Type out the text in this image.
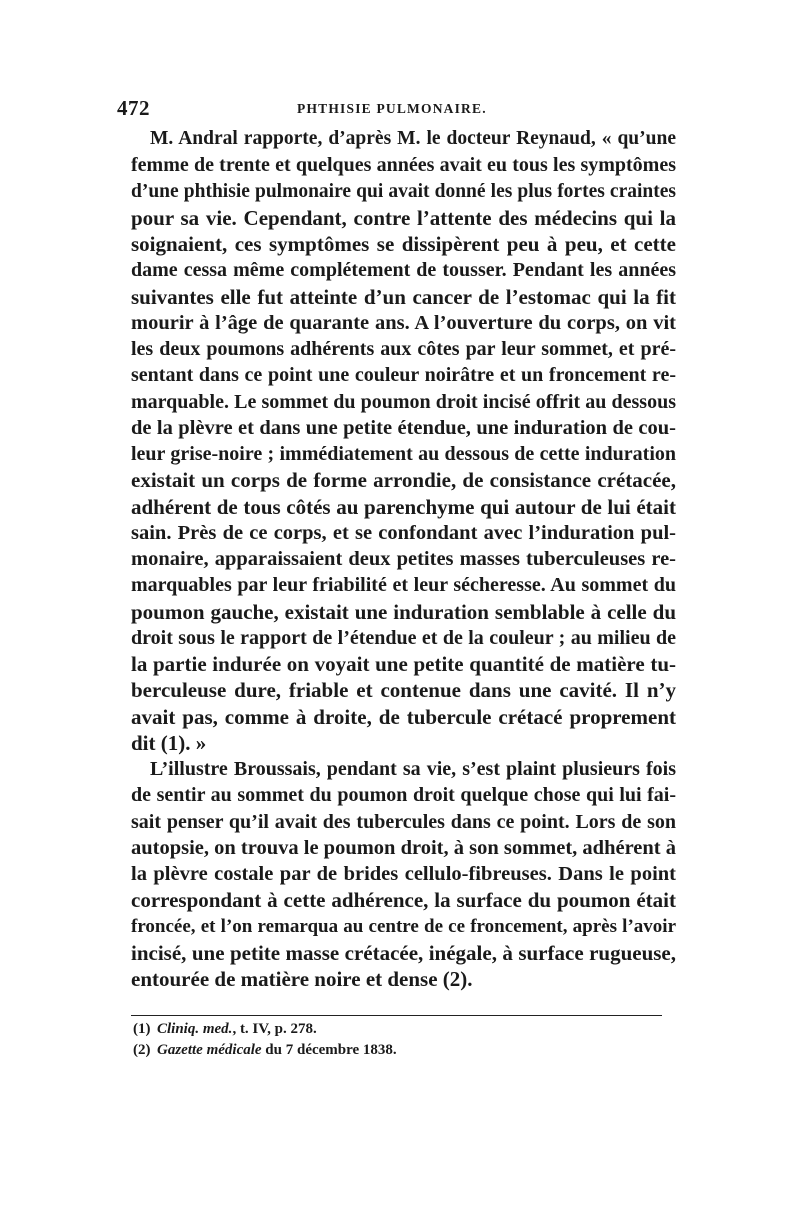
472	PHTHISIE PULMONAIRE.
M. Andral rapporte, d’après M. le docteur Reynaud, « qu’une
femme de trente et quelques années avait eu tous les symptômes
d’une phthisie pulmonaire qui avait donné les plus fortes craintes
pour sa vie. Cependant, contre l’attente des médecins qui la
soignaient, ces symptômes se dissipèrent peu à peu, et cette
dame cessa même complétement de tousser. Pendant les années
suivantes elle fut atteinte d’un cancer de l’estomac qui la fit
mourir à l’âge de quarante ans. A l’ouverture du corps, on vit
les deux poumons adhérents aux côtes par leur sommet, et pré-
sentant dans ce point une couleur noirâtre et un froncement re-
marquable. Le sommet du poumon droit incisé offrit au dessous
de la plèvre et dans une petite étendue, une induration de cou-
leur grise-noire ; immédiatement au dessous de cette induration
existait un corps de forme arrondie, de consistance crétacée,
adhérent de tous côtés au parenchyme qui autour de lui était
sain. Près de ce corps, et se confondant avec l’induration pul-
monaire, apparaissaient deux petites masses tuberculeuses re-
marquables par leur friabilité et leur sécheresse. Au sommet du
poumon gauche, existait une induration semblable à celle du
droit sous le rapport de l’étendue et de la couleur ; au milieu de
la partie indurée on voyait une petite quantité de matière tu-
berculeuse dure, friable et contenue dans une cavité. Il n’y
avait pas, comme à droite, de tubercule crétacé proprement
dit (1). »
L’illustre Broussais, pendant sa vie, s’est plaint plusieurs fois
de sentir au sommet du poumon droit quelque chose qui lui fai-
sait penser qu’il avait des tubercules dans ce point. Lors de son
autopsie, on trouva le poumon droit, à son sommet, adhérent à
la plèvre costale par de brides cellulo-fibreuses. Dans le point
correspondant à cette adhérence, la surface du poumon était
froncée, et l’on remarqua au centre de ce froncement, après l’avoir
incisé, une petite masse crétacée, inégale, à surface rugueuse,
entourée de matière noire et dense (2).
(1) Cliniq. med., t. IV, p. 278.
(2) Gazette médicale du 7 décembre 1838.
